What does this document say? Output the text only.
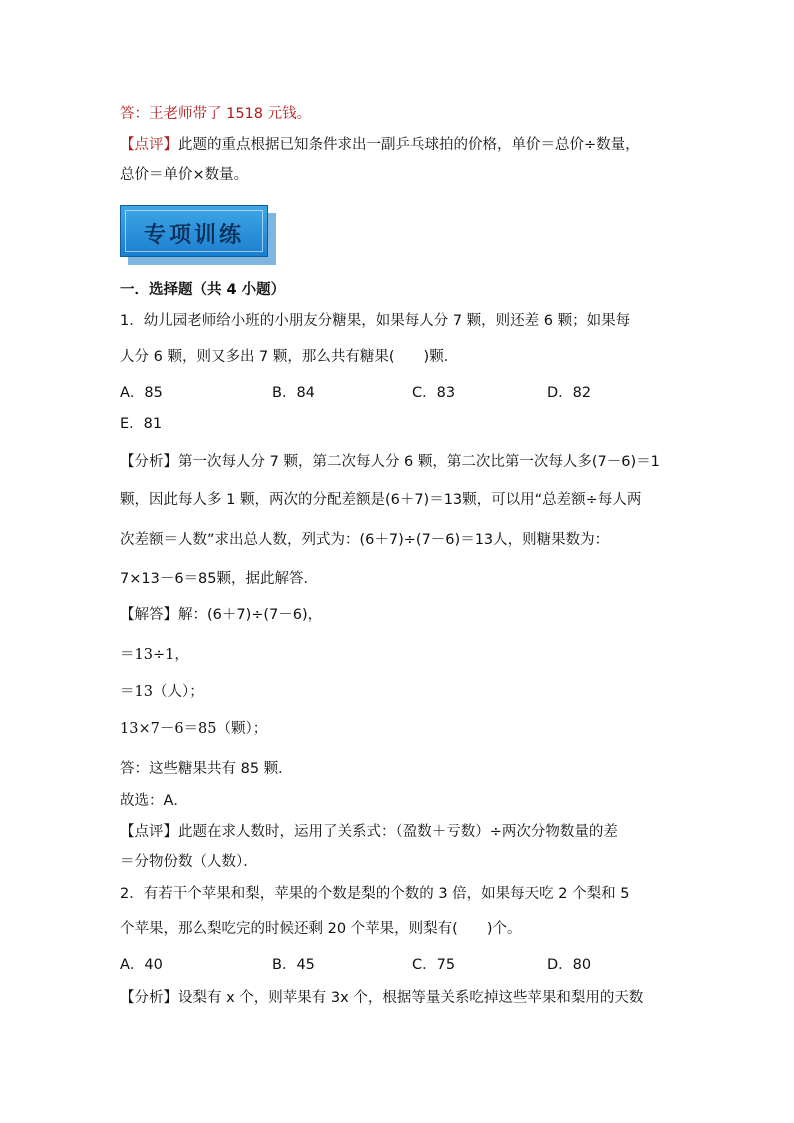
答：王老师带了 1518 元钱。
【点评】此题的重点根据已知条件求出一副乒乓球拍的价格，单价＝总价÷数量，
总价＝单价×数量。
专项训练
一．选择题（共 4 小题）
1．幼儿园老师给小班的小朋友分糖果，如果每人分 7 颗，则还差 6 颗；如果每
人分 6 颗，则又多出 7 颗，那么共有糖果(　　)颗．
A．85	B．84	C．83	D．82
E．81
【分析】第一次每人分 7 颗，第二次每人分 6 颗，第二次比第一次每人多(7－6)＝1
颗，因此每人多 1 颗，两次的分配差额是(6＋7)＝13颗，可以用“总差额÷每人两
次差额＝人数”求出总人数，列式为：(6＋7)÷(7－6)＝13人，则糖果数为：
7×13－6＝85颗，据此解答．
【解答】解：(6＋7)÷(7－6)，
＝13÷1，
＝13（人）；
13×7－6＝85（颗）；
答：这些糖果共有 85 颗．
故选：A．
【点评】此题在求人数时，运用了关系式：（盈数＋亏数）÷两次分物数量的差
＝分物份数（人数）．
2．有若干个苹果和梨，苹果的个数是梨的个数的 3 倍，如果每天吃 2 个梨和 5
个苹果，那么梨吃完的时候还剩 20 个苹果，则梨有(　　)个。
A．40	B．45	C．75	D．80
【分析】设梨有 x 个，则苹果有 3x 个，根据等量关系吃掉这些苹果和梨用的天数
